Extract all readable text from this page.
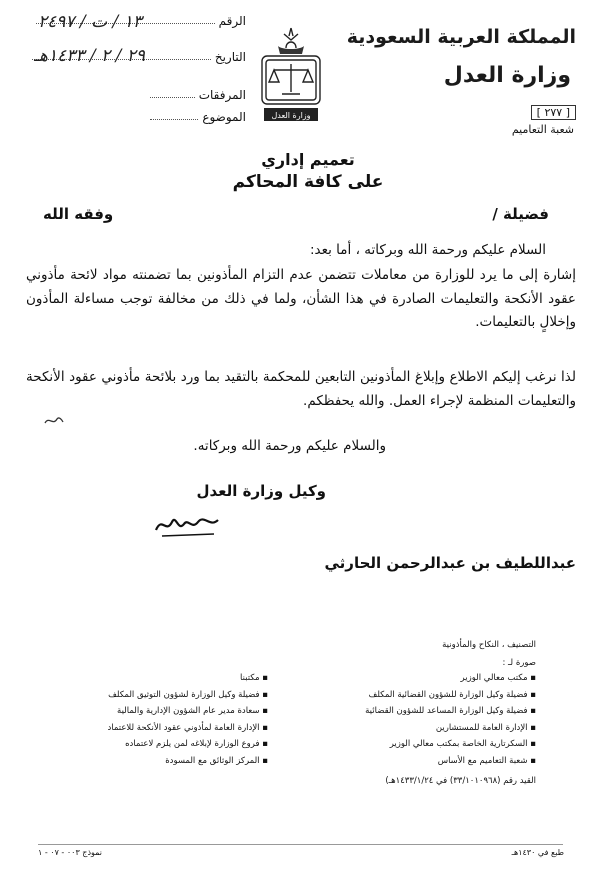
المملكة العربية السعودية
وزارة العدل
[ ٢٧٧ ]
شعبة التعاميم
وزارة العدل
الرقم
١٣ / ت / ٢٤٩٧
التاريخ
٢٩ / ٢ / ١٤٣٣هـ
المرفقات
الموضوع
تعميم إداري
على كافة المحاكم
فضيلة /
وفقه الله
السلام عليكم ورحمة الله وبركاته ، أما بعد:
إشارة إلى ما يرد للوزارة من معاملات تتضمن عدم التزام المأذونين بما تضمنته مواد لائحة مأذوني عقود الأنكحة والتعليمات الصادرة في هذا الشأن، ولما في ذلك من مخالفة توجب مساءلة المأذون وإخلالٍ بالتعليمات.
لذا نرغب إليكم الاطلاع وإبلاغ المأذونين التابعين للمحكمة بالتقيد بما ورد بلائحة مأذوني عقود الأنكحة والتعليمات المنظمة لإجراء العمل. والله يحفظكم.
والسلام عليكم ورحمة الله وبركاته.
وكيل وزارة العدل
عبداللطيف بن عبدالرحمن الحارثي
التصنيف ، النكاح والمأذونية
صورة لـ :
▪ مكتب معالي الوزير
▪ فضيلة وكيل الوزارة للشؤون القضائية المكلف
▪ فضيلة وكيل الوزارة المساعد للشؤون القضائية
▪ الإدارة العامة للمستشارين
▪ السكرتارية الخاصة بمكتب معالي الوزير
▪ شعبة التعاميم مع الأساس
▪ مكتبنا
▪ فضيلة وكيل الوزارة لشؤون التوثيق المكلف
▪ سعادة مدير عام الشؤون الإدارية والمالية
▪ الإدارة العامة لمأذوني عقود الأنكحة للاعتماد
▪ فروع الوزارة لإبلاغه لمن يلزم لاعتماده
▪ المركز الوثائق مع المسودة
القيد رقم (٣٣/١٠١٠٩٦٨) في ١٤٣٣/١/٢٤هـ)
طبع في ١٤٣٠هـ
نموذج ٠٠٣ - ٠٧ - ١
